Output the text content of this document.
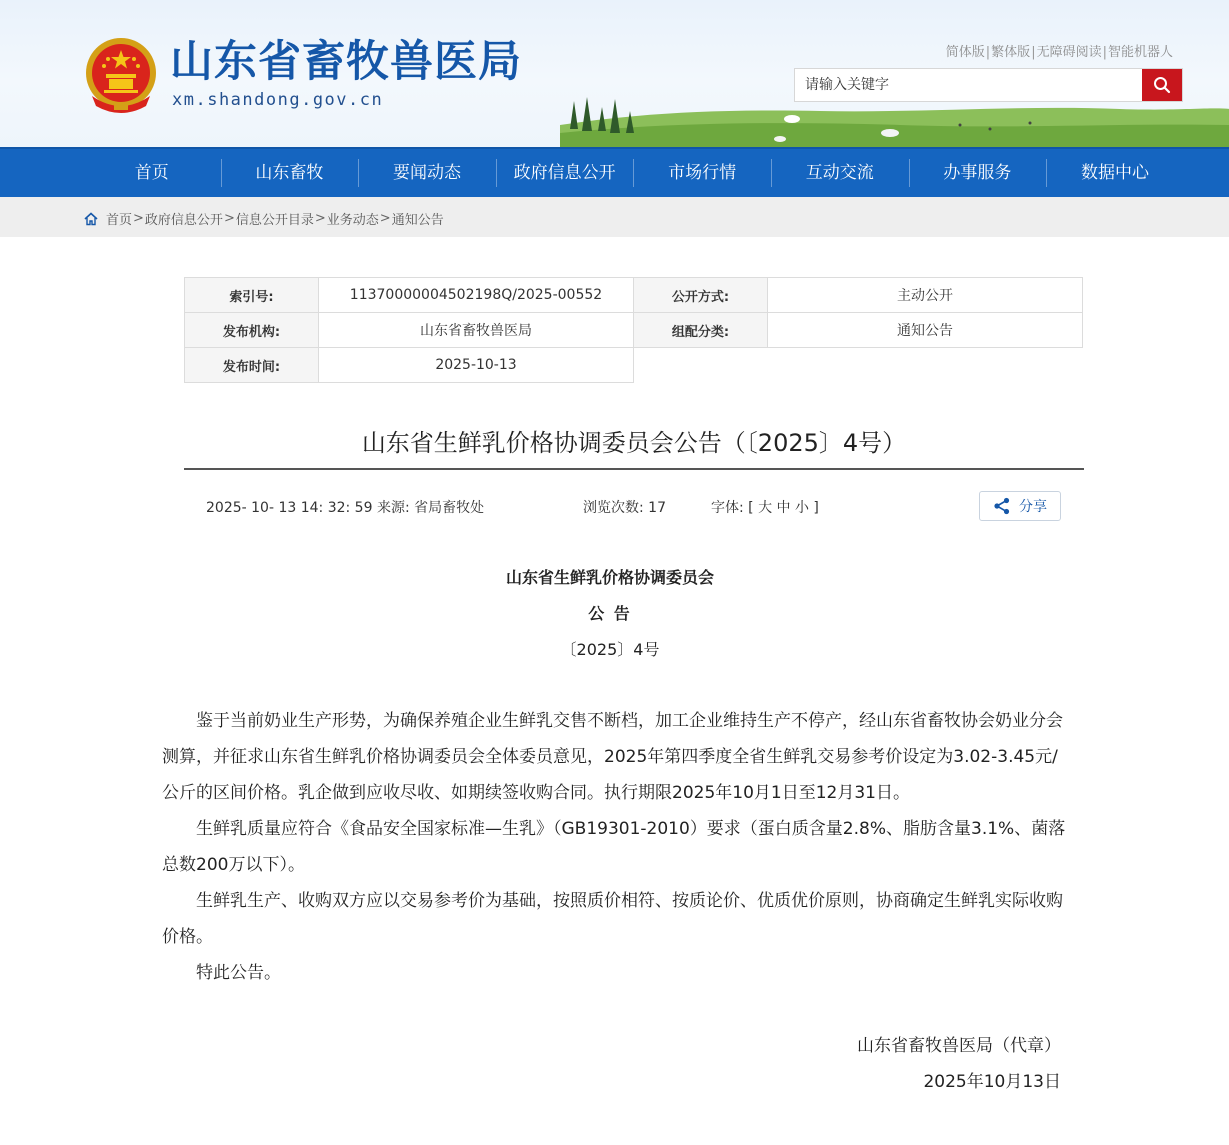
山东省畜牧兽医局
xm.shandong.gov.cn
简体版|繁体版|无障碍阅读|智能机器人
请输入关键字
首页	山东畜牧	要闻动态	政府信息公开	市场行情	互动交流	办事服务	数据中心
首页 > 政府信息公开 > 信息公开目录 > 业务动态 > 通知公告
索引号:	11370000004502198Q/2025-00552	公开方式:	主动公开
发布机构:	山东省畜牧兽医局	组配分类:	通知公告
发布时间:	2025-10-13		
山东省生鲜乳价格协调委员会公告（〔2025〕4号）
2025- 10- 13 14: 32: 59 来源: 省局畜牧处	浏览次数: 17	字体: [ 大 中 小 ]	分享
山东省生鲜乳价格协调委员会
公 告
〔2025〕4号

鉴于当前奶业生产形势，为确保养殖企业生鲜乳交售不断档，加工企业维持生产不停产，经山东省畜牧协会奶业分会测算，并征求山东省生鲜乳价格协调委员会全体委员意见，2025年第四季度全省生鲜乳交易参考价设定为3.02-3.45元/公斤的区间价格。乳企做到应收尽收、如期续签收购合同。执行期限2025年10月1日至12月31日。

生鲜乳质量应符合《食品安全国家标准—生乳》（GB19301-2010）要求（蛋白质含量2.8%、脂肪含量3.1%、菌落总数200万以下）。

生鲜乳生产、收购双方应以交易参考价为基础，按照质价相符、按质论价、优质优价原则，协商确定生鲜乳实际收购价格。

特此公告。

山东省畜牧兽医局（代章）
2025年10月13日
